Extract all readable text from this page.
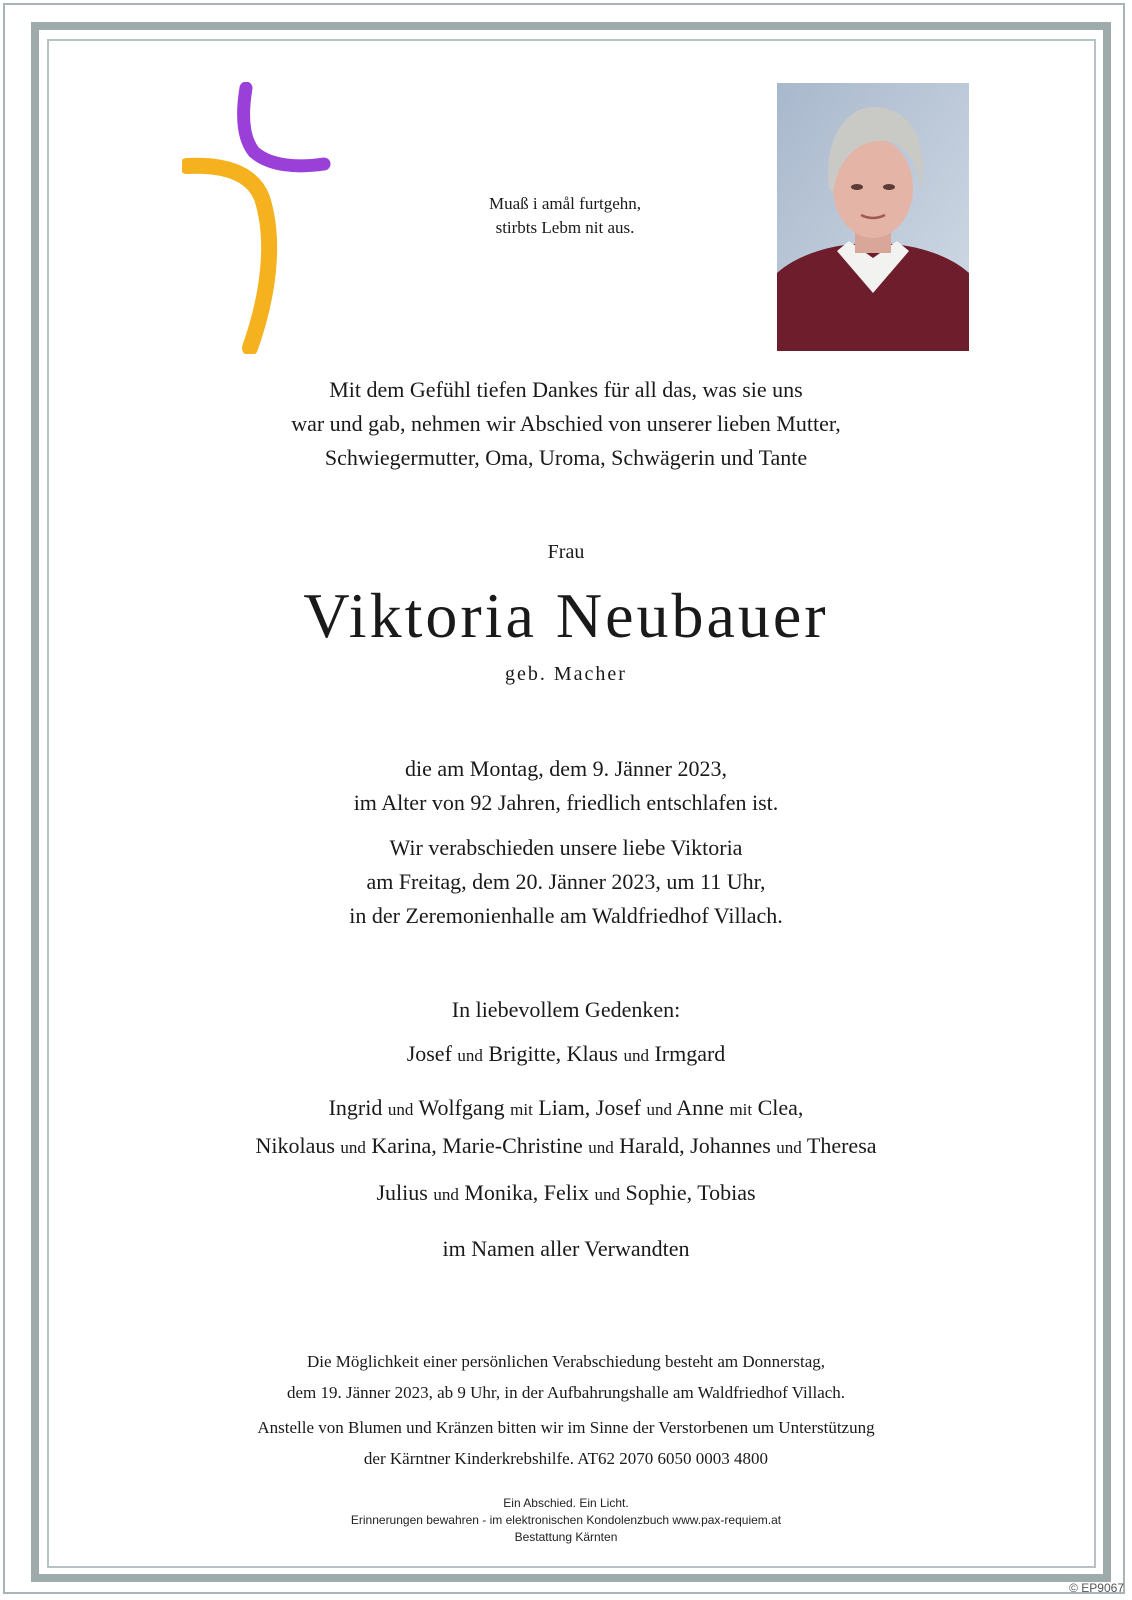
Muaß i amål furtgehn,
stirbts Lebm nit aus.
Mit dem Gefühl tiefen Dankes für all das, was sie uns
war und gab, nehmen wir Abschied von unserer lieben Mutter,
Schwiegermutter, Oma, Uroma, Schwägerin und Tante
Frau
Viktoria Neubauer
geb. Macher
die am Montag, dem 9. Jänner 2023,
im Alter von 92 Jahren, friedlich entschlafen ist.
Wir verabschieden unsere liebe Viktoria
am Freitag, dem 20. Jänner 2023, um 11 Uhr,
in der Zeremonienhalle am Waldfriedhof Villach.
In liebevollem Gedenken:
Josef und Brigitte, Klaus und Irmgard
Ingrid und Wolfgang mit Liam, Josef und Anne mit Clea,
Nikolaus und Karina, Marie-Christine und Harald, Johannes und Theresa
Julius und Monika, Felix und Sophie, Tobias
im Namen aller Verwandten
Die Möglichkeit einer persönlichen Verabschiedung besteht am Donnerstag,
dem 19. Jänner 2023, ab 9 Uhr, in der Aufbahrungshalle am Waldfriedhof Villach.
Anstelle von Blumen und Kränzen bitten wir im Sinne der Verstorbenen um Unterstützung
der Kärntner Kinderkrebshilfe. AT62 2070 6050 0003 4800
Ein Abschied. Ein Licht.
Erinnerungen bewahren - im elektronischen Kondolenzbuch www.pax-requiem.at
Bestattung Kärnten
© EP9067
